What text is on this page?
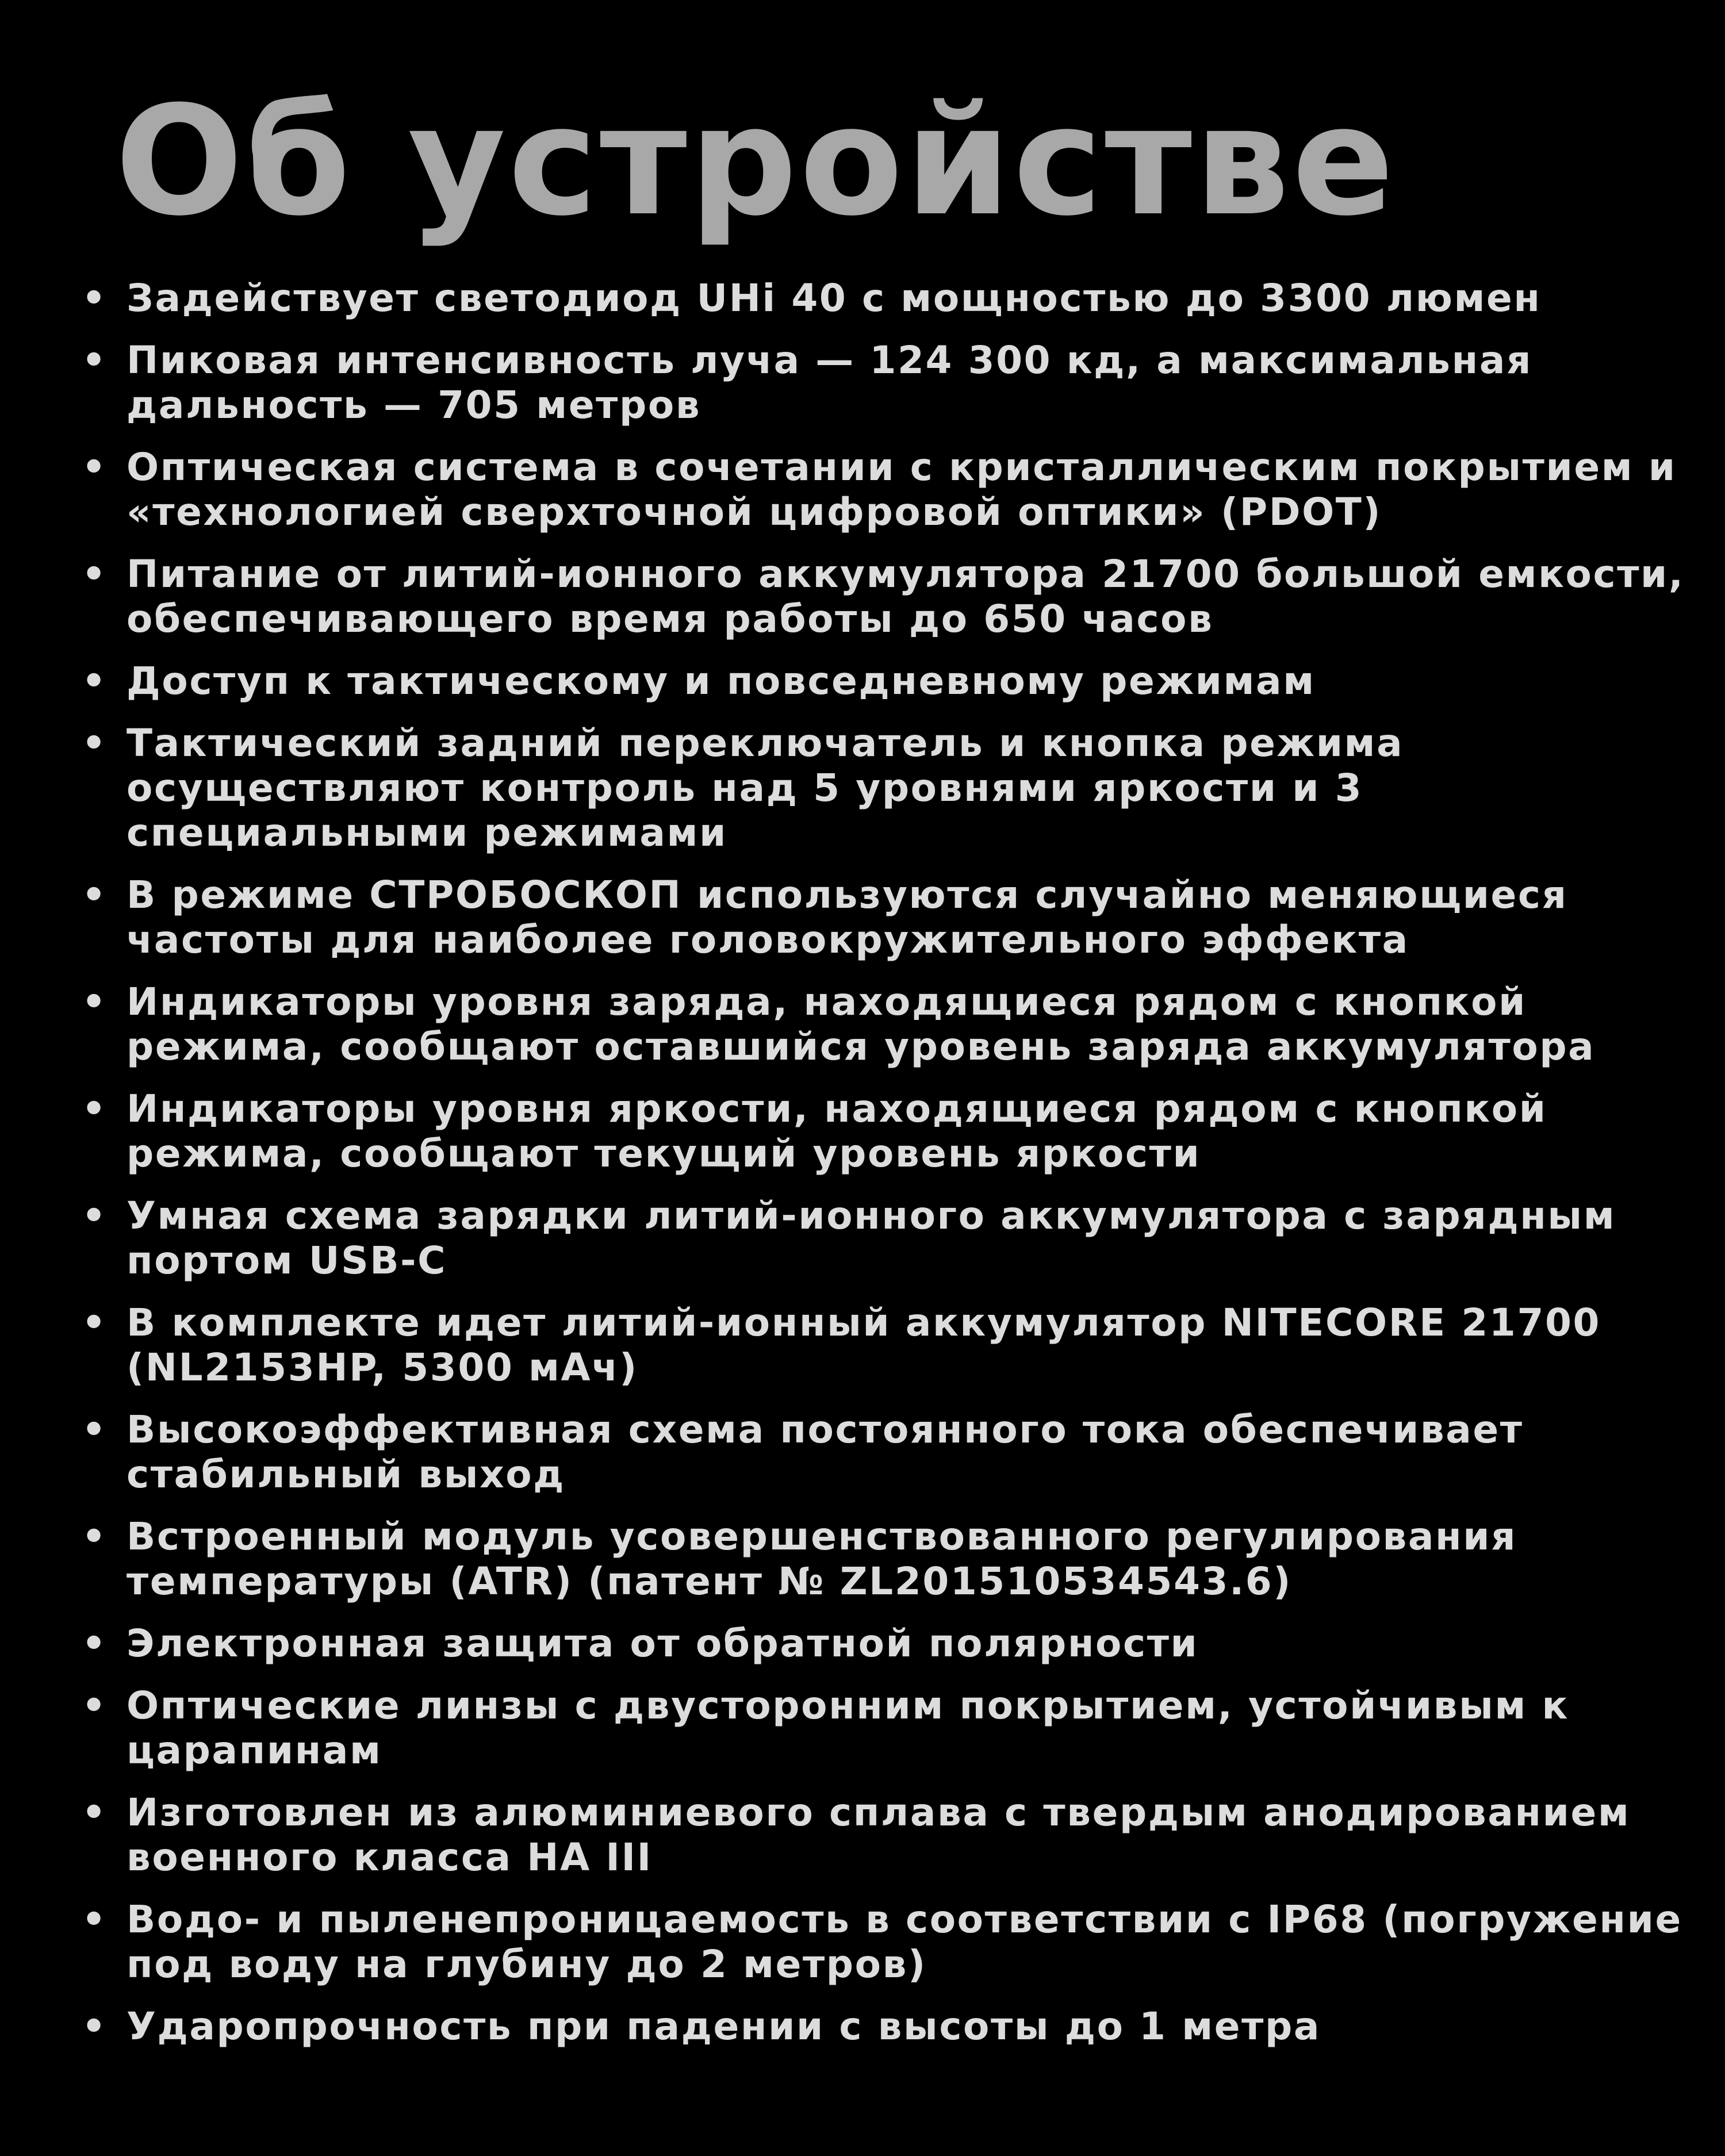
Об устройстве
• Задействует светодиод UHi 40 с мощностью до 3300 люмен
• Пиковая интенсивность луча — 124 300 кд, а максимальная дальность — 705 метров
• Оптическая система в сочетании с кристаллическим покрытием и «технологией сверхточной цифровой оптики» (PDOT)
• Питание от литий-ионного аккумулятора 21700 большой емкости, обеспечивающего время работы до 650 часов
• Доступ к тактическому и повседневному режимам
• Тактический задний переключатель и кнопка режима осуществляют контроль над 5 уровнями яркости и 3 специальными режимами
• В режиме СТРОБОСКОП используются случайно меняющиеся частоты для наиболее головокружительного эффекта
• Индикаторы уровня заряда, находящиеся рядом с кнопкой режима, сообщают оставшийся уровень заряда аккумулятора
• Индикаторы уровня яркости, находящиеся рядом с кнопкой режима, сообщают текущий уровень яркости
• Умная схема зарядки литий-ионного аккумулятора с зарядным портом USB-C
• В комплекте идет литий-ионный аккумулятор NITECORE 21700 (NL2153HP, 5300 мАч)
• Высокоэффективная схема постоянного тока обеспечивает стабильный выход
• Встроенный модуль усовершенствованного регулирования температуры (ATR) (патент № ZL201510534543.6)
• Электронная защита от обратной полярности
• Оптические линзы с двусторонним покрытием, устойчивым к царапинам
• Изготовлен из алюминиевого сплава с твердым анодированием военного класса HA III
• Водо- и пыленепроницаемость в соответствии с IP68 (погружение под воду на глубину до 2 метров)
• Ударопрочность при падении с высоты до 1 метра
